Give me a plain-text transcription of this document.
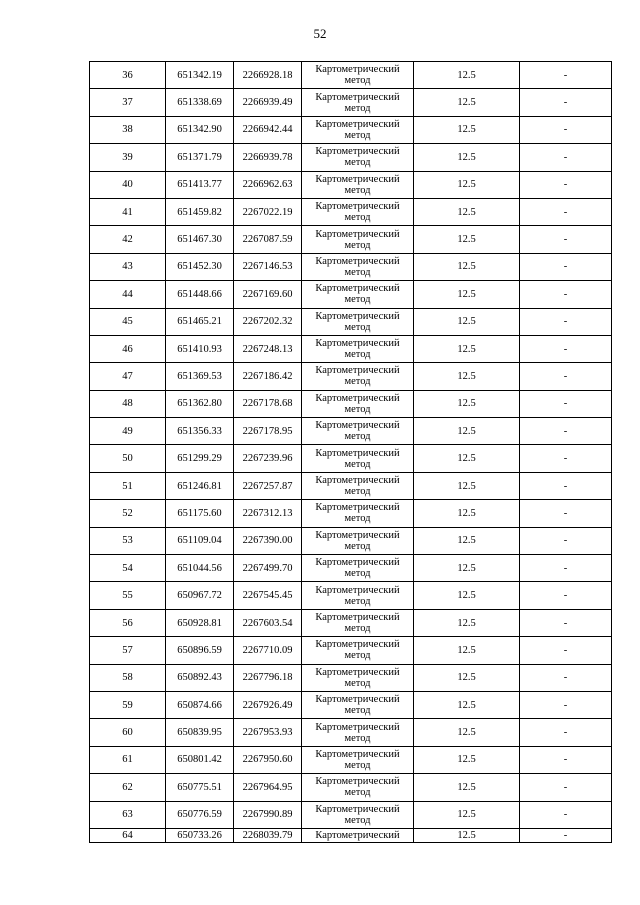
52
36	651342.19	2266928.18	Картометрический метод	12.5	-
37	651338.69	2266939.49	Картометрический метод	12.5	-
38	651342.90	2266942.44	Картометрический метод	12.5	-
39	651371.79	2266939.78	Картометрический метод	12.5	-
40	651413.77	2266962.63	Картометрический метод	12.5	-
41	651459.82	2267022.19	Картометрический метод	12.5	-
42	651467.30	2267087.59	Картометрический метод	12.5	-
43	651452.30	2267146.53	Картометрический метод	12.5	-
44	651448.66	2267169.60	Картометрический метод	12.5	-
45	651465.21	2267202.32	Картометрический метод	12.5	-
46	651410.93	2267248.13	Картометрический метод	12.5	-
47	651369.53	2267186.42	Картометрический метод	12.5	-
48	651362.80	2267178.68	Картометрический метод	12.5	-
49	651356.33	2267178.95	Картометрический метод	12.5	-
50	651299.29	2267239.96	Картометрический метод	12.5	-
51	651246.81	2267257.87	Картометрический метод	12.5	-
52	651175.60	2267312.13	Картометрический метод	12.5	-
53	651109.04	2267390.00	Картометрический метод	12.5	-
54	651044.56	2267499.70	Картометрический метод	12.5	-
55	650967.72	2267545.45	Картометрический метод	12.5	-
56	650928.81	2267603.54	Картометрический метод	12.5	-
57	650896.59	2267710.09	Картометрический метод	12.5	-
58	650892.43	2267796.18	Картометрический метод	12.5	-
59	650874.66	2267926.49	Картометрический метод	12.5	-
60	650839.95	2267953.93	Картометрический метод	12.5	-
61	650801.42	2267950.60	Картометрический метод	12.5	-
62	650775.51	2267964.95	Картометрический метод	12.5	-
63	650776.59	2267990.89	Картометрический метод	12.5	-
64	650733.26	2268039.79	Картометрический	12.5	-
